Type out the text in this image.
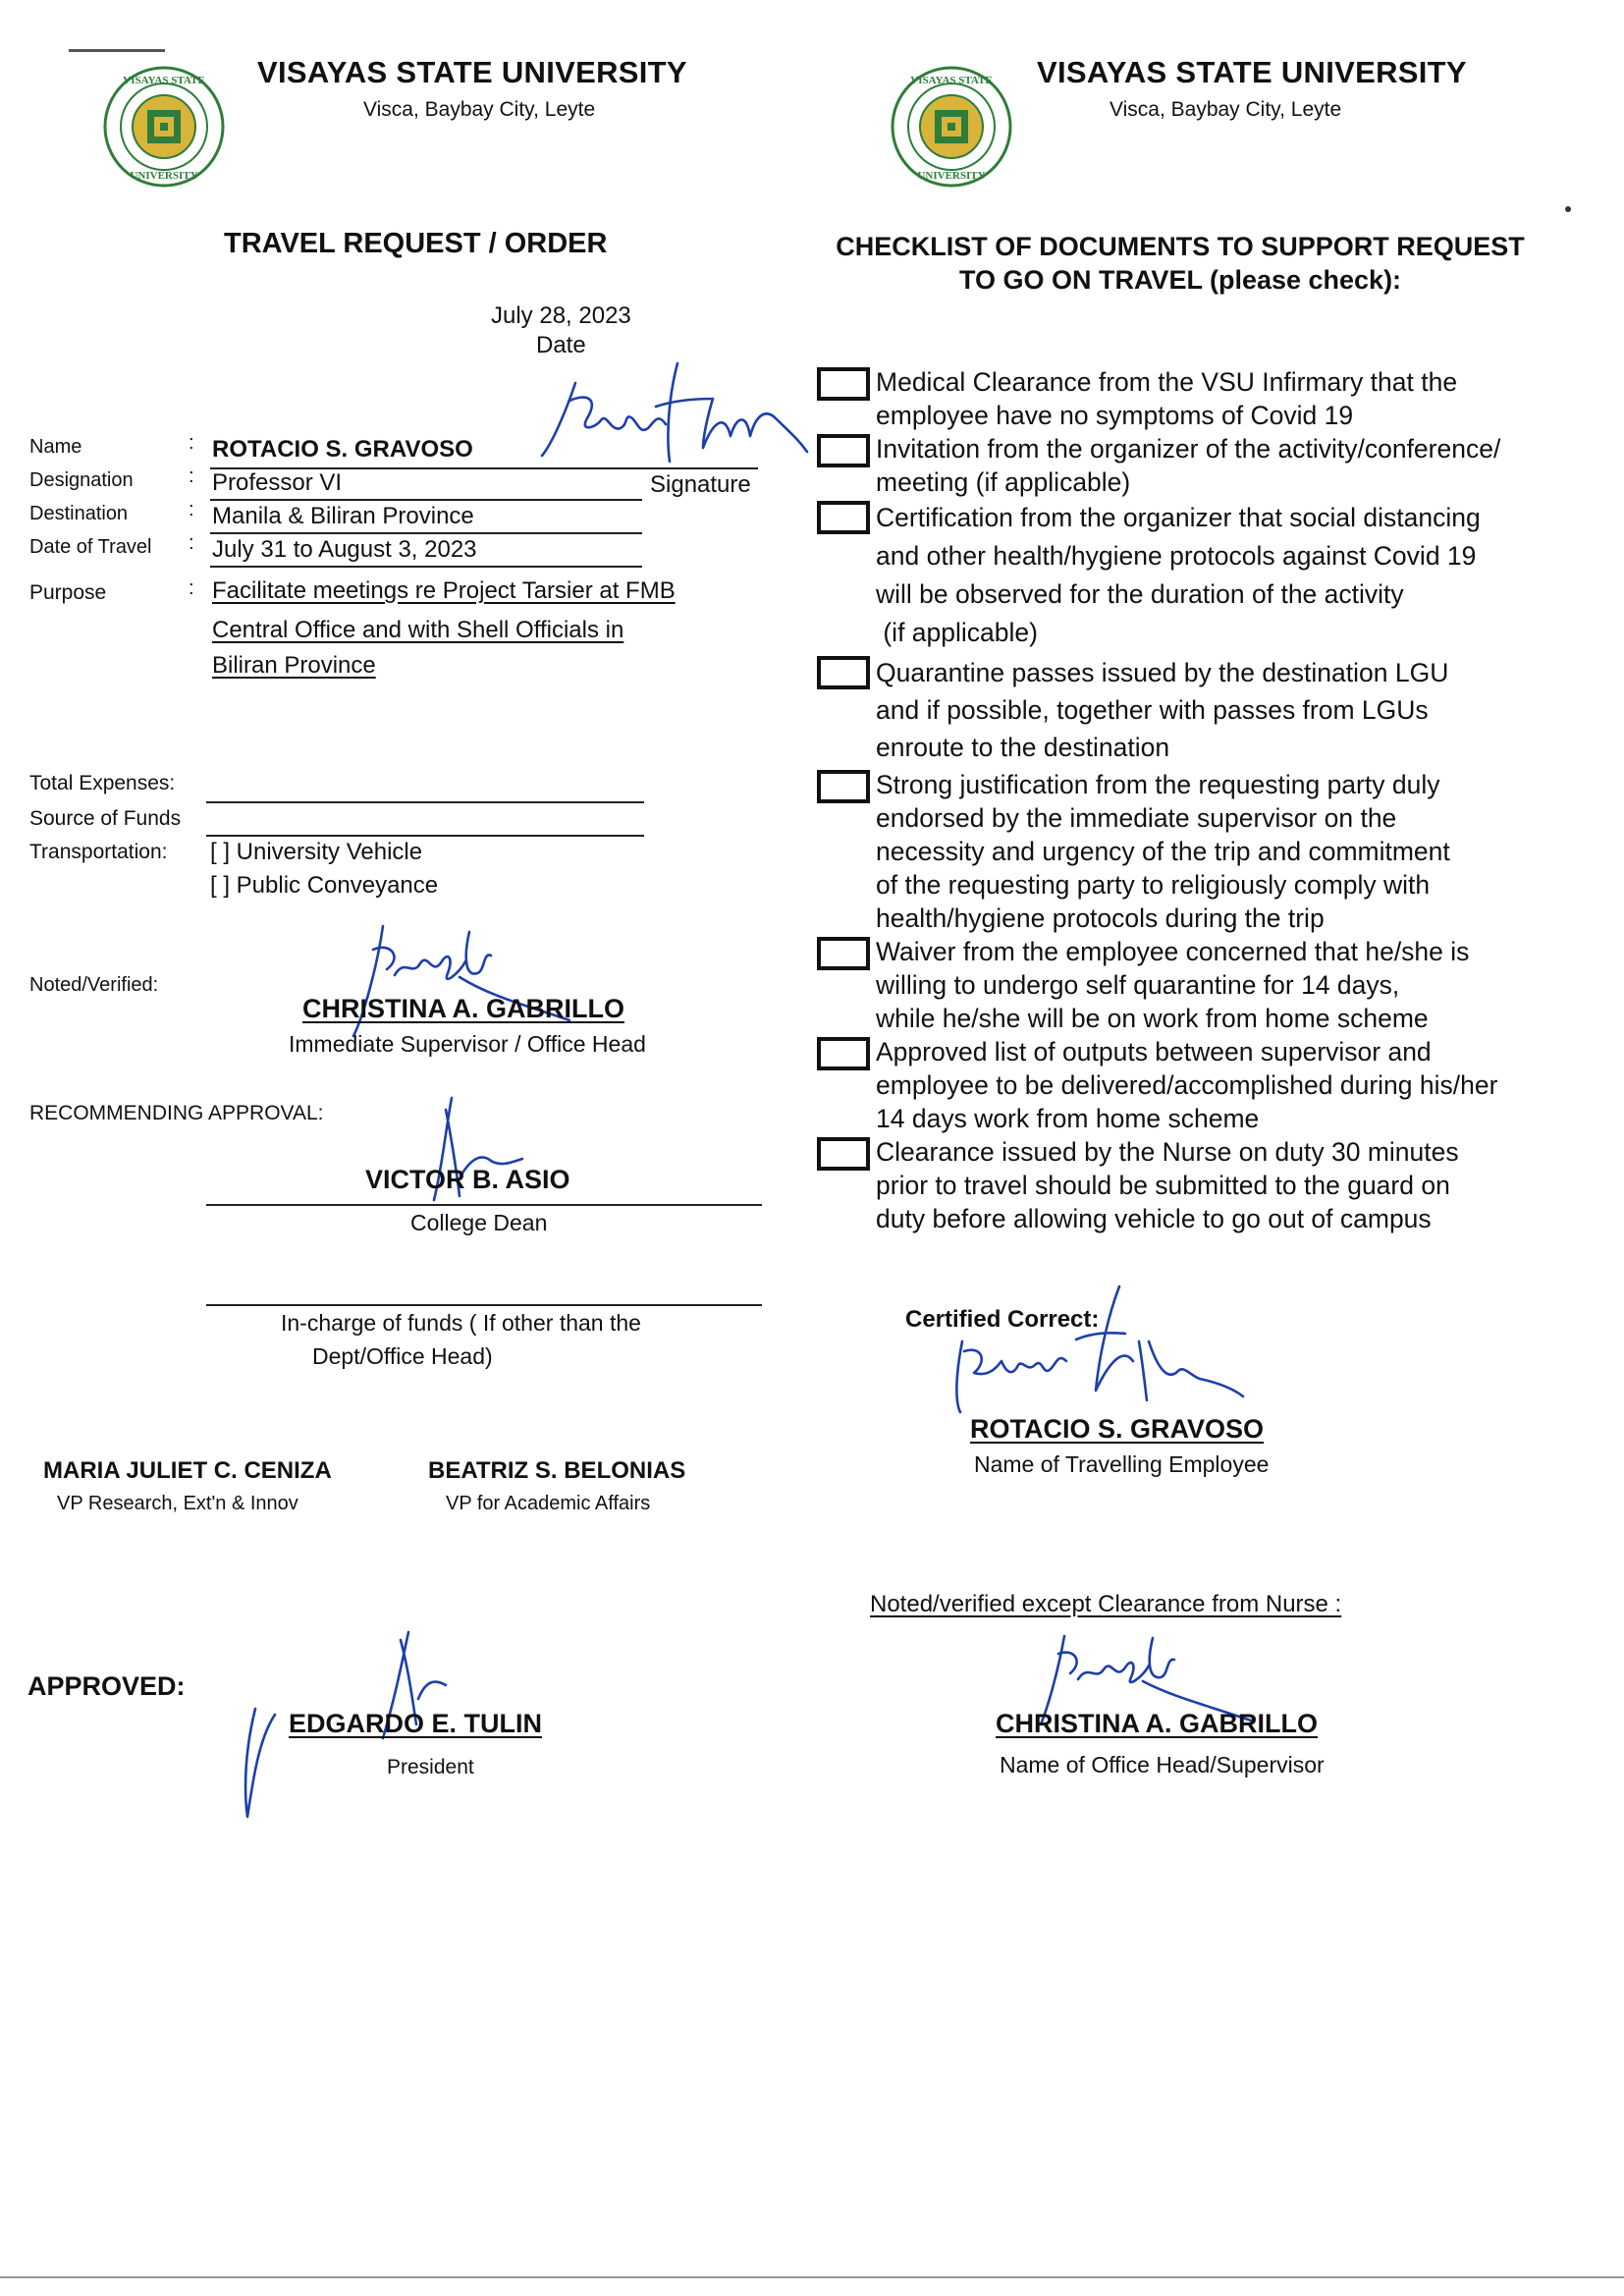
VISAYAS STATE
UNIVERSITY
VISAYAS STATE UNIVERSITY
Visca, Baybay City, Leyte
VISAYAS STATE
UNIVERSITY
VISAYAS STATE UNIVERSITY
Visca, Baybay City, Leyte
TRAVEL REQUEST / ORDER
July 28, 2023
Date
Signature
Name	: ROTACIO S. GRAVOSO
Designation	: Professor VI
Destination	: Manila & Biliran Province
Date of Travel : July 31 to August 3, 2023
Purpose	: Facilitate meetings re Project Tarsier at FMB
Central Office and with Shell Officials in
Biliran Province
Total Expenses:
Source of Funds
Transportation: [ ] University Vehicle
[ ] Public Conveyance
Noted/Verified:
CHRISTINA A. GABRILLO
Immediate Supervisor / Office Head
RECOMMENDING APPROVAL:
VICTOR B. ASIO
College Dean
In-charge of funds ( If other than the
Dept/Office Head)
MARIA JULIET C. CENIZA
VP Research, Ext'n & Innov
BEATRIZ S. BELONIAS
VP for Academic Affairs
APPROVED:
EDGARDO E. TULIN
President
CHECKLIST OF DOCUMENTS TO SUPPORT REQUEST
TO GO ON TRAVEL (please check):
Medical Clearance from the VSU Infirmary that the
employee have no symptoms of Covid 19
Invitation from the organizer of the activity/conference/
meeting (if applicable)
Certification from the organizer that social distancing
and other health/hygiene protocols against Covid 19
will be observed for the duration of the activity
(if applicable)
Quarantine passes issued by the destination LGU
and if possible, together with passes from LGUs
enroute to the destination
Strong justification from the requesting party duly
endorsed by the immediate supervisor on the
necessity and urgency of the trip and commitment
of the requesting party to religiously comply with
health/hygiene protocols during the trip
Waiver from the employee concerned that he/she is
willing to undergo self quarantine for 14 days,
while he/she will be on work from home scheme
Approved list of outputs between supervisor and
employee to be delivered/accomplished during his/her
14 days work from home scheme
Clearance issued by the Nurse on duty 30 minutes
prior to travel should be submitted to the guard on
duty before allowing vehicle to go out of campus
Certified Correct:
ROTACIO S. GRAVOSO
Name of Travelling Employee
Noted/verified except Clearance from Nurse :
CHRISTINA A. GABRILLO
Name of Office Head/Supervisor
